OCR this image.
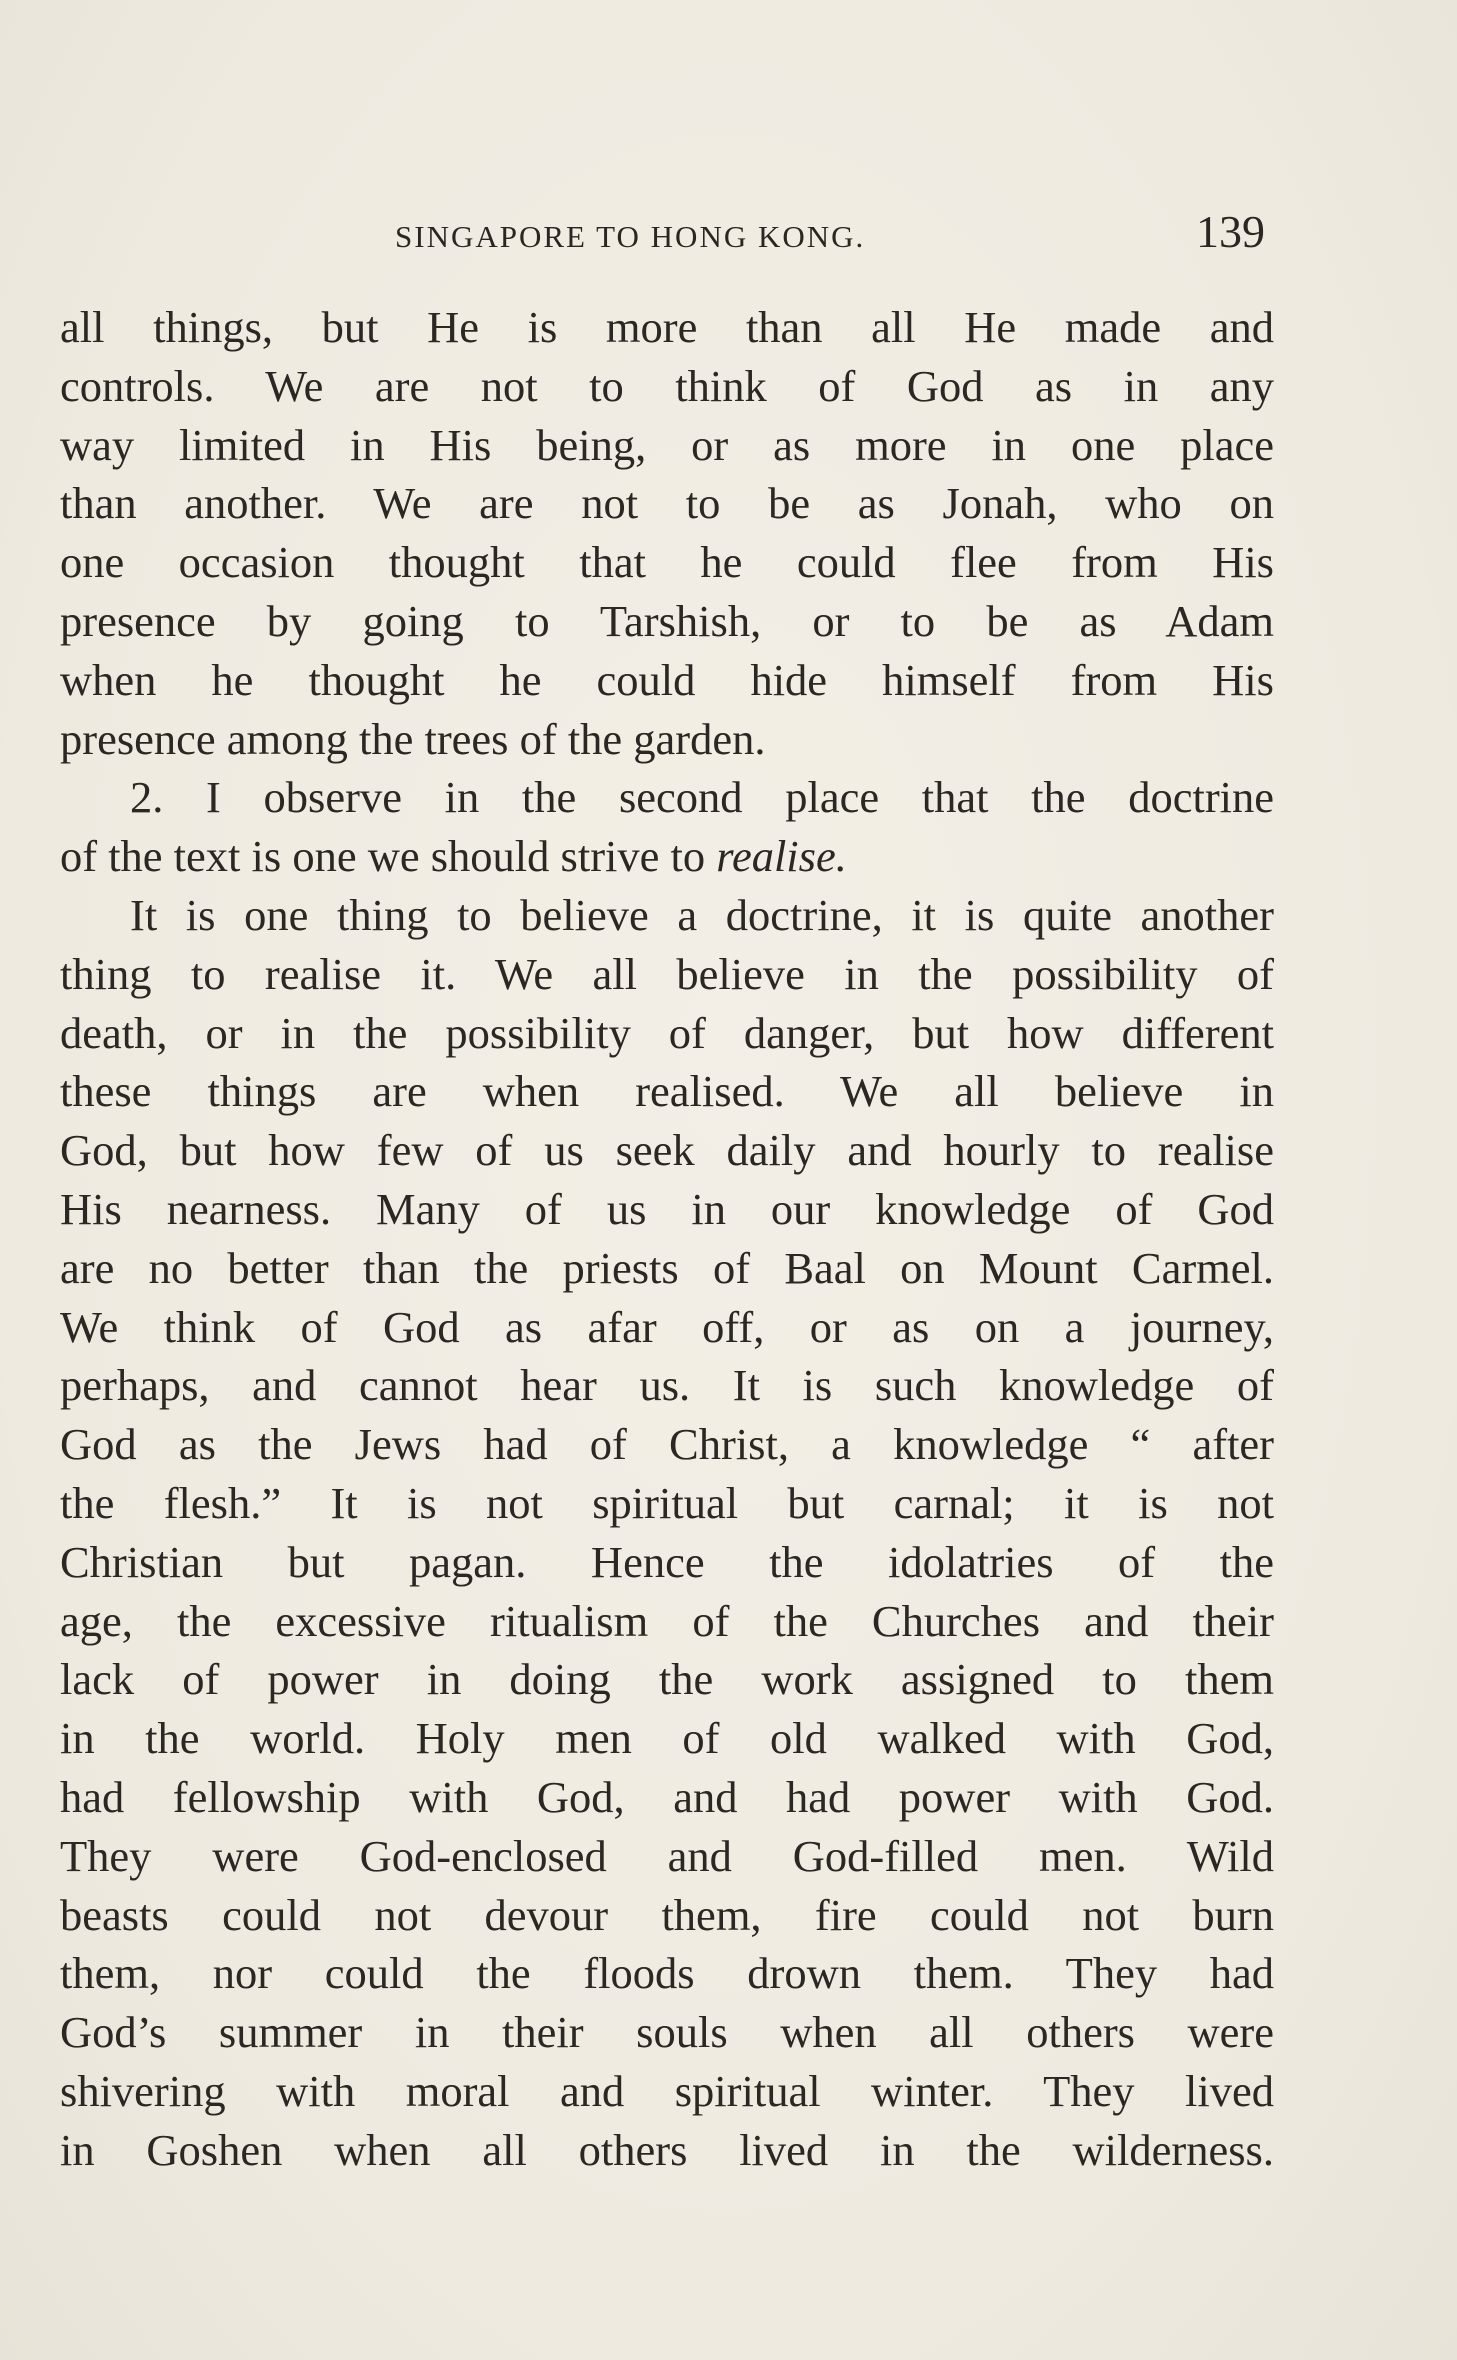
SINGAPORE TO HONG KONG.	139
all things, but He is more than all He made and
controls. We are not to think of God as in any
way limited in His being, or as more in one place
than another. We are not to be as Jonah, who on
one occasion thought that he could flee from His
presence by going to Tarshish, or to be as Adam
when he thought he could hide himself from His
presence among the trees of the garden.
2. I observe in the second place that the doctrine
of the text is one we should strive to realise.
It is one thing to believe a doctrine, it is quite another
thing to realise it. We all believe in the possibility of
death, or in the possibility of danger, but how different
these things are when realised. We all believe in
God, but how few of us seek daily and hourly to realise
His nearness. Many of us in our knowledge of God
are no better than the priests of Baal on Mount Carmel.
We think of God as afar off, or as on a journey,
perhaps, and cannot hear us. It is such knowledge of
God as the Jews had of Christ, a knowledge “ after
the flesh.” It is not spiritual but carnal; it is not
Christian but pagan. Hence the idolatries of the
age, the excessive ritualism of the Churches and their
lack of power in doing the work assigned to them
in the world. Holy men of old walked with God,
had fellowship with God, and had power with God.
They were God-enclosed and God-filled men. Wild
beasts could not devour them, fire could not burn
them, nor could the floods drown them. They had
God’s summer in their souls when all others were
shivering with moral and spiritual winter. They lived
in Goshen when all others lived in the wilderness.
